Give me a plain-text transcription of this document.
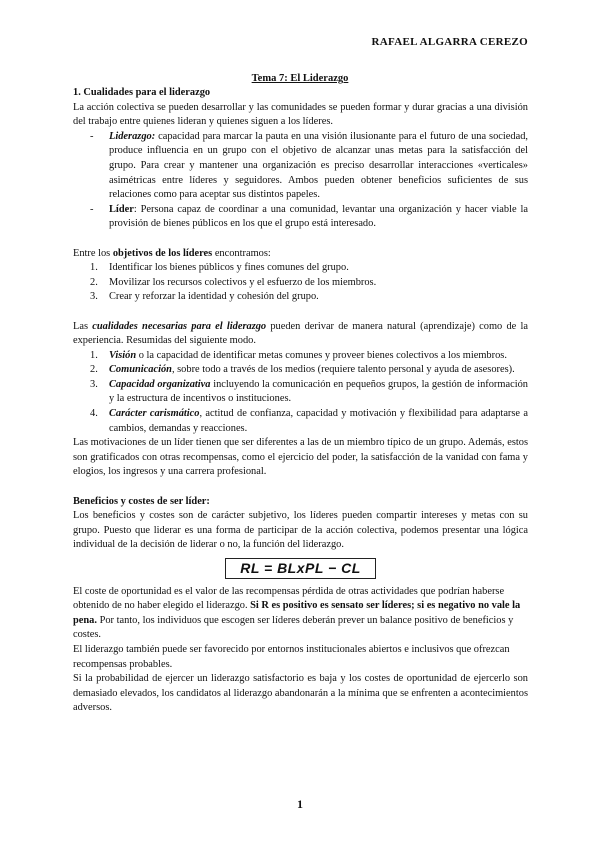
RAFAEL ALGARRA CEREZO
Tema 7: El Liderazgo

1. Cualidades para el liderazgo

La acción colectiva se pueden desarrollar y las comunidades se pueden formar y durar gracias a una división del trabajo entre quienes lideran y quienes siguen a los líderes.

- Liderazgo: capacidad para marcar la pauta en una visión ilusionante para el futuro de una sociedad, produce influencia en un grupo con el objetivo de alcanzar unas metas para la satisfacción del grupo. Para crear y mantener una organización es preciso desarrollar interacciones «verticales» asimétricas entre líderes y seguidores. Ambos pueden obtener beneficios suficientes de sus relaciones como para aceptar sus distintos papeles.
- Líder: Persona capaz de coordinar a una comunidad, levantar una organización y hacer viable la provisión de bienes públicos en los que el grupo está interesado.

Entre los objetivos de los líderes encontramos:

1. Identificar los bienes públicos y fines comunes del grupo.
2. Movilizar los recursos colectivos y el esfuerzo de los miembros.
3. Crear y reforzar la identidad y cohesión del grupo.

Las cualidades necesarias para el liderazgo pueden derivar de manera natural (aprendizaje) como de la experiencia. Resumidas del siguiente modo.

1. Visión o la capacidad de identificar metas comunes y proveer bienes colectivos a los miembros.
2. Comunicación, sobre todo a través de los medios (requiere talento personal y ayuda de asesores).
3. Capacidad organizativa incluyendo la comunicación en pequeños grupos, la gestión de información y la estructura de incentivos o instituciones.
4. Carácter carismático, actitud de confianza, capacidad y motivación y flexibilidad para adaptarse a cambios, demandas y reacciones.

Las motivaciones de un líder tienen que ser diferentes a las de un miembro típico de un grupo. Además, estos son gratificados con otras recompensas, como el ejercicio del poder, la satisfacción de la vanidad con fama y elogios, los ingresos y una carrera profesional.

Beneficios y costes de ser líder:

Los beneficios y costes son de carácter subjetivo, los líderes pueden compartir intereses y metas con su grupo. Puesto que liderar es una forma de participar de la acción colectiva, podemos presentar una lógica individual de la decisión de liderar o no, la función del liderazgo.

RL = BLxPL − CL

El coste de oportunidad es el valor de las recompensas pérdida de otras actividades que podrían haberse obtenido de no haber elegido el liderazgo. Si R es positivo es sensato ser líderes; si es negativo no vale la pena. Por tanto, los individuos que escogen ser líderes deberán prever un balance positivo de beneficios y costes.

El liderazgo también puede ser favorecido por entornos institucionales abiertos e inclusivos que ofrezcan recompensas probables.

Si la probabilidad de ejercer un liderazgo satisfactorio es baja y los costes de oportunidad de ejercerlo son demasiado elevados, los candidatos al liderazgo abandonarán a la mínima que se enfrenten a acontecimientos adversos.

1
